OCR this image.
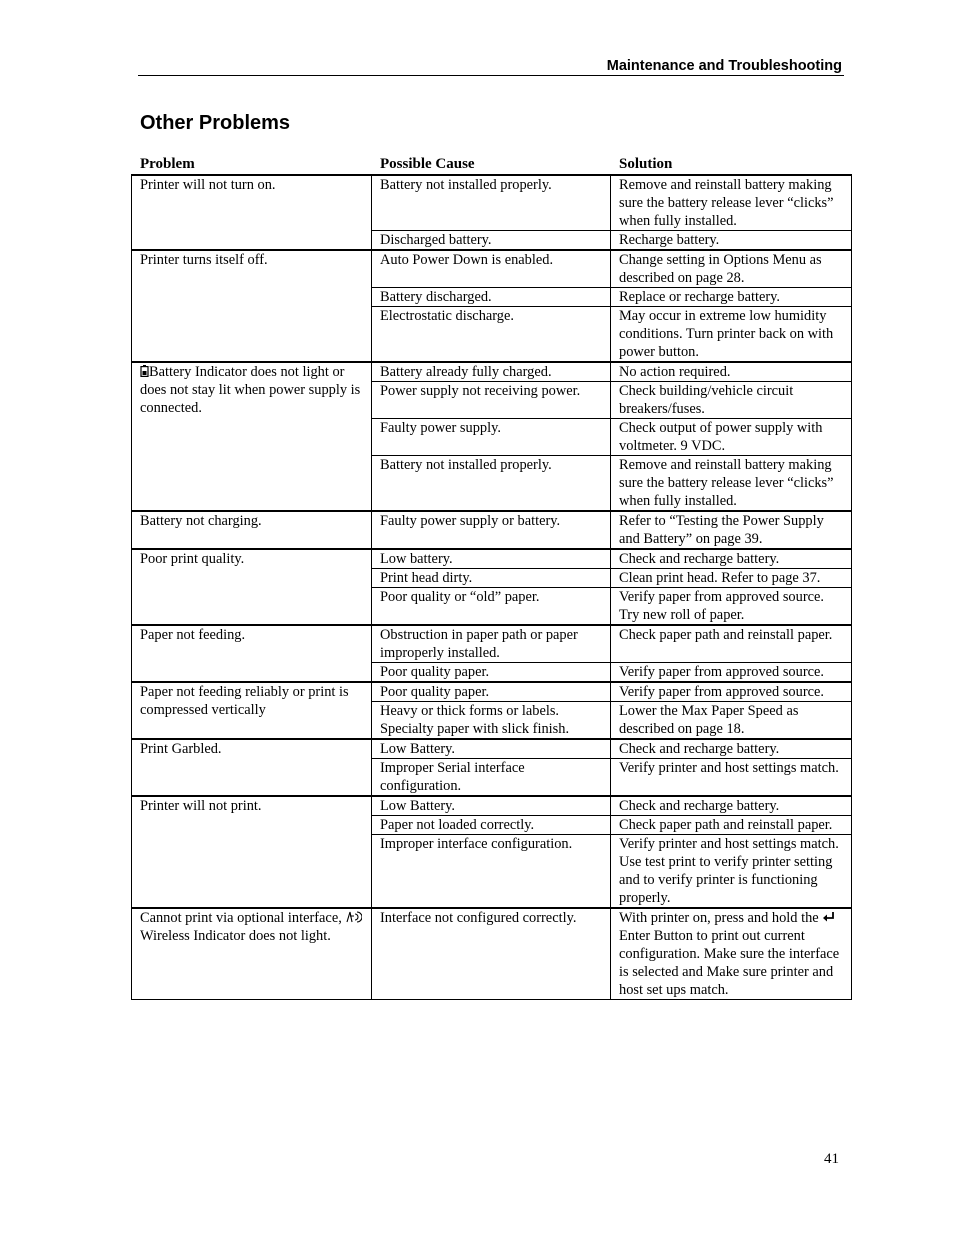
Maintenance and Troubleshooting
Other Problems
Problem	Possible Cause	Solution
Printer will not turn on.	Battery not installed properly.	Remove and reinstall battery making sure the battery release lever “clicks” when fully installed.
	Discharged battery.	Recharge battery.
Printer turns itself off.	Auto Power Down is enabled.	Change setting in Options Menu as described on page 28.
	Battery discharged.	Replace or recharge battery.
	Electrostatic discharge.	May occur in extreme low humidity conditions. Turn printer back on with power button.
Battery Indicator does not light or does not stay lit when power supply is connected.	Battery already fully charged.	No action required.
	Power supply not receiving power.	Check building/vehicle circuit breakers/fuses.
	Faulty power supply.	Check output of power supply with voltmeter. 9 VDC.
	Battery not installed properly.	Remove and reinstall battery making sure the battery release lever “clicks” when fully installed.
Battery not charging.	Faulty power supply or battery.	Refer to “Testing the Power Supply and Battery” on page 39.
Poor print quality.	Low battery.	Check and recharge battery.
	Print head dirty.	Clean print head. Refer to page 37.
	Poor quality or “old” paper.	Verify paper from approved source. Try new roll of paper.
Paper not feeding.	Obstruction in paper path or paper improperly installed.	Check paper path and reinstall paper.
	Poor quality paper.	Verify paper from approved source.
Paper not feeding reliably or print is compressed vertically	Poor quality paper.	Verify paper from approved source.
	Heavy or thick forms or labels. Specialty paper with slick finish.	Lower the Max Paper Speed as described on page 18.
Print Garbled.	Low Battery.	Check and recharge battery.
	Improper Serial interface configuration.	Verify printer and host settings match.
Printer will not print.	Low Battery.	Check and recharge battery.
	Paper not loaded correctly.	Check paper path and reinstall paper.
	Improper interface configuration.	Verify printer and host settings match. Use test print to verify printer setting and to verify printer is functioning properly.
Cannot print via optional interface, Wireless Indicator does not light.	Interface not configured correctly.	With printer on, press and hold the Enter Button to print out current configuration. Make sure the interface is selected and Make sure printer and host set ups match.
41
